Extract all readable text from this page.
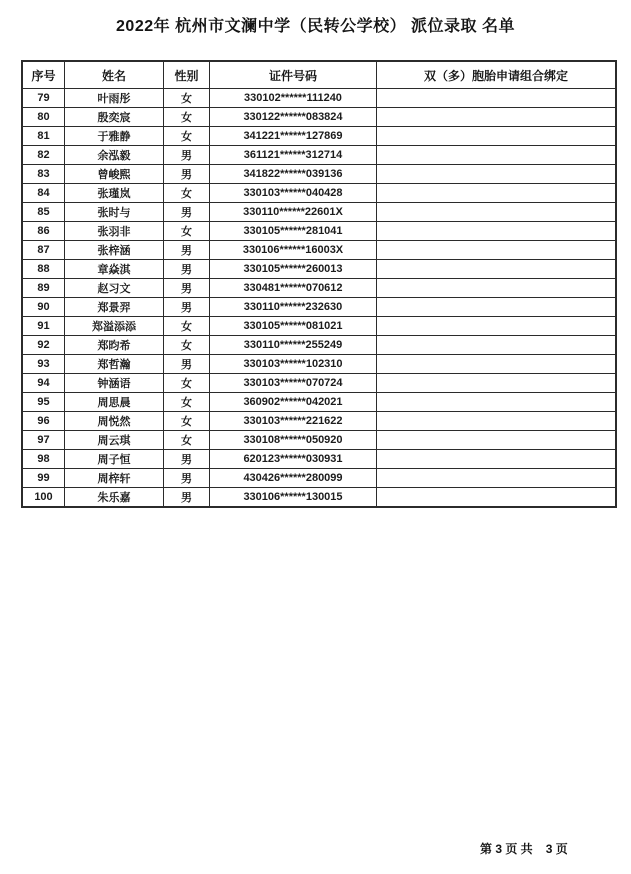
2022年 杭州市文澜中学（民转公学校） 派位录取 名单
序号	姓名	性别	证件号码	双（多）胞胎申请组合绑定
79	叶雨彤	女	330102******111240	
80	殷奕宸	女	330122******083824	
81	于雅静	女	341221******127869	
82	余泓毅	男	361121******312714	
83	曾峻熙	男	341822******039136	
84	张瑾岚	女	330103******040428	
85	张时与	男	330110******22601X	
86	张羽非	女	330105******281041	
87	张梓涵	男	330106******16003X	
88	章焱淇	男	330105******260013	
89	赵习文	男	330481******070612	
90	郑景羿	男	330110******232630	
91	郑溢添添	女	330105******081021	
92	郑昀希	女	330110******255249	
93	郑哲瀚	男	330103******102310	
94	钟涵语	女	330103******070724	
95	周思晨	女	360902******042021	
96	周悦然	女	330103******221622	
97	周云琪	女	330108******050920	
98	周子恒	男	620123******030931	
99	周梓轩	男	430426******280099	
100	朱乐嘉	男	330106******130015	
第 3 页 共 3 页
